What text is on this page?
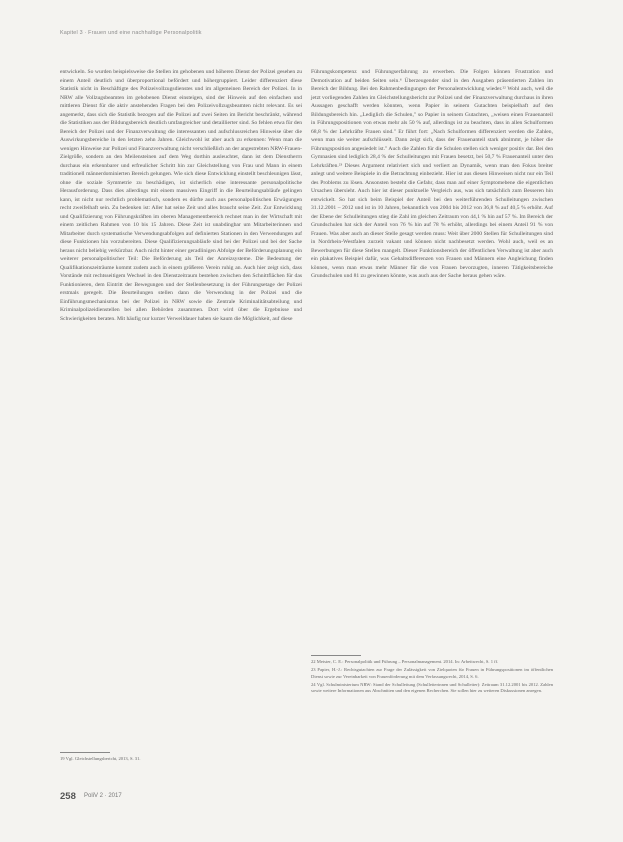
Kapitel 3 · Frauen und eine nachhaltige Personalpolitik

entwickeln. So wurden beispielsweise die Stellen im gehobenen und höheren Dienst der Polizei gesehen zu einem Anteil deutlich und überproportional befördert und höhergruppiert. Leider differenziert diese Statistik nicht in Beschäftigte des Polizeivollzugsdienstes und im allgemeinen Bereich der Polizei. In in NRW alle Vollzugsbeamten im gehobenen Dienst einsteigen, sind der Hinweis auf den einfachen und mittleren Dienst für die aktiv anstehenden Fragen bei den Polizeivollzugsbeamten nicht relevant. Es sei angemerkt, dass sich die Statistik bezogen auf die Polizei auf zwei Seiten im Bericht beschränkt, während die Statistiken aus der Bildungsbereich deutlich umfangreicher und detaillierter sind. So fehlen etwa für den Bereich der Polizei und der Finanzverwaltung die interessanten und aufschlussreichen Hinweise über die Auswirkungsbereiche in den letzten zehn Jahren. Gleichwohl ist aber auch zu erkennen: Wenn man die wenigen Hinweise zur Polizei und Finanzverwaltung nicht verschließlich an der angestrebten NRW-Frauen-Zielgröße, sondern an den Meilensteinen auf dem Weg dorthin ausleuchtet, dann ist dem Dienstherrn durchaus ein erkennbarer und erfreulicher Schritt hin zur Gleichstellung von Frau und Mann in einem traditionell männerdominierten Bereich gelungen. Wie sich diese Entwicklung einstellt beschleunigen lässt, ohne die soziale Symmetrie zu beschädigen, ist sicherlich eine interessante personalpolitische Herausforderung. Dass dies allerdings mit einem massiven Eingriff in die Beurteilungsabläufe gelingen kann, ist nicht nur rechtlich problematisch, sondern es dürfte auch aus personalpolitischen Erwägungen recht zweifelhaft sein. Zu bedenken ist: Aller hat seine Zeit und alles braucht seine Zeit. Zur Entwicklung und Qualifizierung von Führungskräften im oberen Managementbereich rechnet man in der Wirtschaft mit einem zeitlichen Rahmen von 10 bis 15 Jahren. Diese Zeit ist unabdingbar um Mitarbeiterinnen und Mitarbeiter durch systematische Verwendungsabfolgen auf definierten Stationen in den Verwendungen auf diese Funktionen hin vorzubereiten. Diese Qualifizierungsabläufe sind bei der Polizei und bei der Sache heraus nicht beliebig verkürzbar. Auch nicht hinter einer geradlinigen Abfolge der Beförderungsplanung ein weiterer personalpolitischer Teil: Die Beförderung als Teil der Anreizsysteme. Die Bedeutung der Qualifikationszeiträume kommt zudem auch in einem größeren Verein ruhig an. Auch hier zeigt sich, dass Vorstände mit rechtsseitigem Wechsel in den Dienstzeitraum bestehen zwischen den Schnittflächen für das Funktionieren, dem Eintritt der Bewegungen und der Stellenbesetzung in der Führungsetage der Polizei erstmals geregelt. Die Beurteilungen stellen dann die Verwendung in der Polizei und die Einführungsmechanismus bei der Polizei in NRW sowie die Zentrale Kriminalitätsabteilung und Kriminalpolizeidienstellen bei allen Behörden zusammen. Dort wird über die Ergebnisse und Schwierigkeiten beraten. Mit häufig nur kurzer Verweildauer haben sie kaum die Möglichkeit, auf diese

Führungskompetenz und Führungserfahrung zu erwerben. Die Folgen können Frustration und Demotivation auf beiden Seiten sein.⁶ Überzeugender sind in den Ausgaben präsentierten Zahlen im Bereich der Bildung. Bei den Rahmenbedingungen der Personalentwicklung wieder.²² Wohl auch, weil die jetzt vorliegenden Zahlen im Gleichstellungsbericht zur Polizei und der Finanzverwaltung durchaus in ihren Aussagen geschafft werden könnten, wenn Papier in seinem Gutachten beispielhaft auf den Bildungsbereich hin. „Lediglich die Schulen," so Papier in seinem Gutachten, „weisen einen Frauenanteil in Führungspositionen von etwas mehr als 50 % auf, allerdings ist zu beachten, dass in allen Schulformen 68,8 % der Lehrkräfte Frauen sind." Er führt fort: „Nach Schulformen differenziert werden die Zahlen, wenn man sie weiter aufschlüsselt. Dann zeigt sich, dass der Frauenanteil stark abnimmt, je höher die Führungsposition angesiedelt ist." Auch die Zahlen für die Schulen stellen sich weniger positiv dar. Bei den Gymnasien sind lediglich 28,4 % der Schulleitungen mit Frauen besetzt, bei 50,7 % Frauenanteil unter den Lehrkräften.²³ Dieses Argument relativiert sich und verliert an Dynamik, wenn man den Fokus breiter anlegt und weitere Beispiele in die Betrachtung einbezieht. Hier ist aus diesen Hinweisen nicht nur ein Teil des Problems zu lösen. Ansonsten besteht die Gefahr, dass man auf einer Symptomebene die eigentlichen Ursachen übersieht. Auch hier ist dieser punktuelle Vergleich aus, was sich tatsächlich zum Besseren hin entwickelt. So hat sich beim Beispiel der Anteil bei den weiterführenden Schulleitungen zwischen 31.12.2001 – 2012 und ist in 10 Jahren, bekanntlich von 2004 bis 2012 von 36,8 % auf 40,5 % erhöht. Auf der Ebene der Schulleitungen stieg die Zahl im gleichen Zeitraum von 44,1 % hin auf 57 %. Im Bereich der Grundschulen hat sich der Anteil von 76 % hin auf 78 % erhöht, allerdings bei einem Anteil 91 % von Frauen. Was aber auch an dieser Stelle gesagt werden muss: Weit über 2000 Stellen für Schulleitungen sind in Nordrhein-Westfalen zurzeit vakant und können nicht nachbesetzt werden. Wohl auch, weil es an Bewerbungen für diese Stellen mangelt. Dieser Funktionsbereich der öffentlichen Verwaltung ist aber auch ein plakatives Beispiel dafür, was Gehaltsdifferenzen von Frauen und Männern eine Angleichung finden können, wenn man etwas mehr Männer für die von Frauen bevorzugten, inneren Tätigkeitsbereiche Grundschulen und 81 zu gewinnen könnte, was auch aus der Sache heraus gehen wäre.

19 Vgl. Gleichstellungsbericht, 2013, S. 31.

22 Meister, C. E.: Personalpolitik und Führung – Personalmanagement. 2014. In: Arbeitsrecht, S. 1 ff.

23 Papier, H.-J.: Rechtsgutachten zur Frage der Zulässigkeit von Zielquoten für Frauen in Führungspositionen im öffentlichen Dienst sowie zur Vereinbarkeit von Frauenförderung mit dem Verfassungsrecht, 2014, S. 6.

24 Vgl. Schulministerium NRW: Stand der Schulleitung (Schulleiterinnen und Schulleiter): Zeitraum 31.12.2001 bis 2012. Zahlen sowie weitere Informationen aus Abschnitten und den eigenen Recherchen. Sie sollen hier zu weiteren Diskussionen anregen.

258 PoliV 2 · 2017
